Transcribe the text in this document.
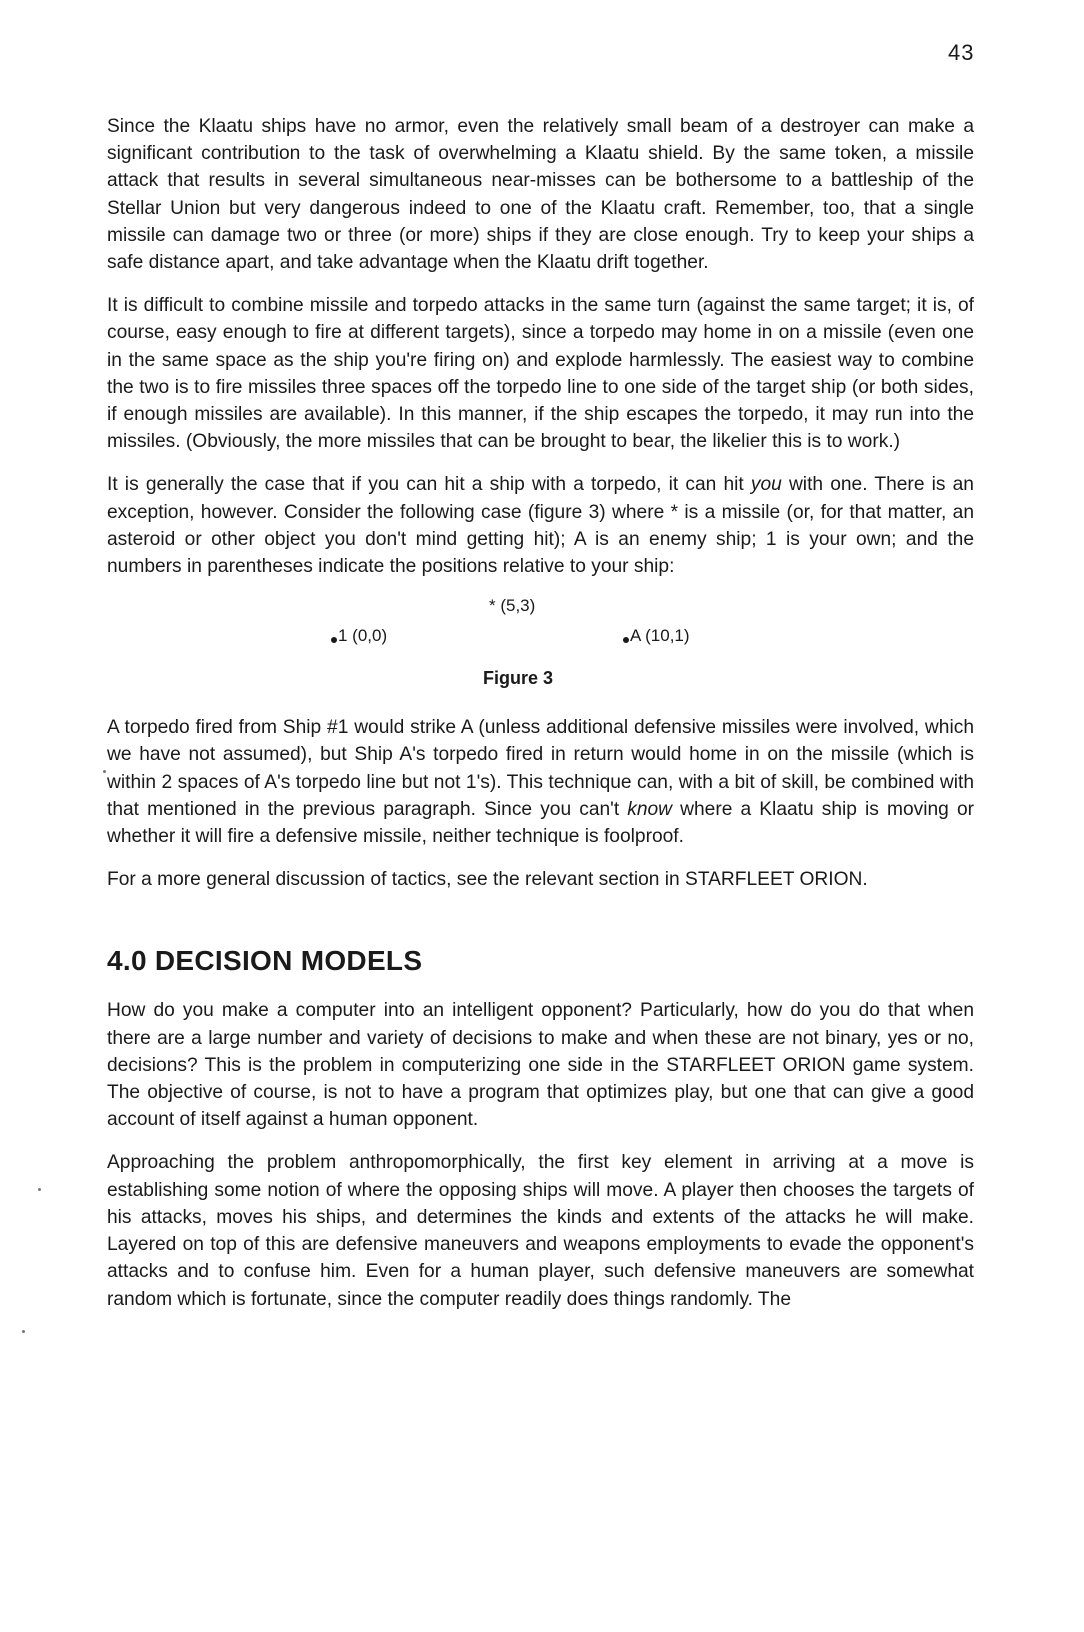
43

Since the Klaatu ships have no armor, even the relatively small beam of a destroyer can make a significant contribution to the task of overwhelming a Klaatu shield. By the same token, a missile attack that results in several simultaneous near-misses can be bothersome to a battleship of the Stellar Union but very dangerous indeed to one of the Klaatu craft. Remember, too, that a single missile can damage two or three (or more) ships if they are close enough. Try to keep your ships a safe distance apart, and take advantage when the Klaatu drift together.

It is difficult to combine missile and torpedo attacks in the same turn (against the same target; it is, of course, easy enough to fire at different targets), since a torpedo may home in on a missile (even one in the same space as the ship you're firing on) and explode harmlessly. The easiest way to combine the two is to fire missiles three spaces off the torpedo line to one side of the target ship (or both sides, if enough missiles are available). In this manner, if the ship escapes the torpedo, it may run into the missiles. (Obviously, the more missiles that can be brought to bear, the likelier this is to work.)

It is generally the case that if you can hit a ship with a torpedo, it can hit you with one. There is an exception, however. Consider the following case (figure 3) where * is a missile (or, for that matter, an asteroid or other object you don't mind getting hit); A is an enemy ship; 1 is your own; and the numbers in parentheses indicate the positions relative to your ship:

* (5,3)
1 (0,0)	A (10,1)
Figure 3

A torpedo fired from Ship #1 would strike A (unless additional defensive missiles were involved, which we have not assumed), but Ship A's torpedo fired in return would home in on the missile (which is within 2 spaces of A's torpedo line but not 1's). This technique can, with a bit of skill, be combined with that mentioned in the previous paragraph. Since you can't know where a Klaatu ship is moving or whether it will fire a defensive missile, neither technique is foolproof.

For a more general discussion of tactics, see the relevant section in STARFLEET ORION.

4.0 DECISION MODELS

How do you make a computer into an intelligent opponent? Particularly, how do you do that when there are a large number and variety of decisions to make and when these are not binary, yes or no, decisions? This is the problem in computerizing one side in the STARFLEET ORION game system. The objective of course, is not to have a program that optimizes play, but one that can give a good account of itself against a human opponent.

Approaching the problem anthropomorphically, the first key element in arriving at a move is establishing some notion of where the opposing ships will move. A player then chooses the targets of his attacks, moves his ships, and determines the kinds and extents of the attacks he will make. Layered on top of this are defensive maneuvers and weapons employments to evade the opponent's attacks and to confuse him. Even for a human player, such defensive maneuvers are somewhat random which is fortunate, since the computer readily does things randomly. The
